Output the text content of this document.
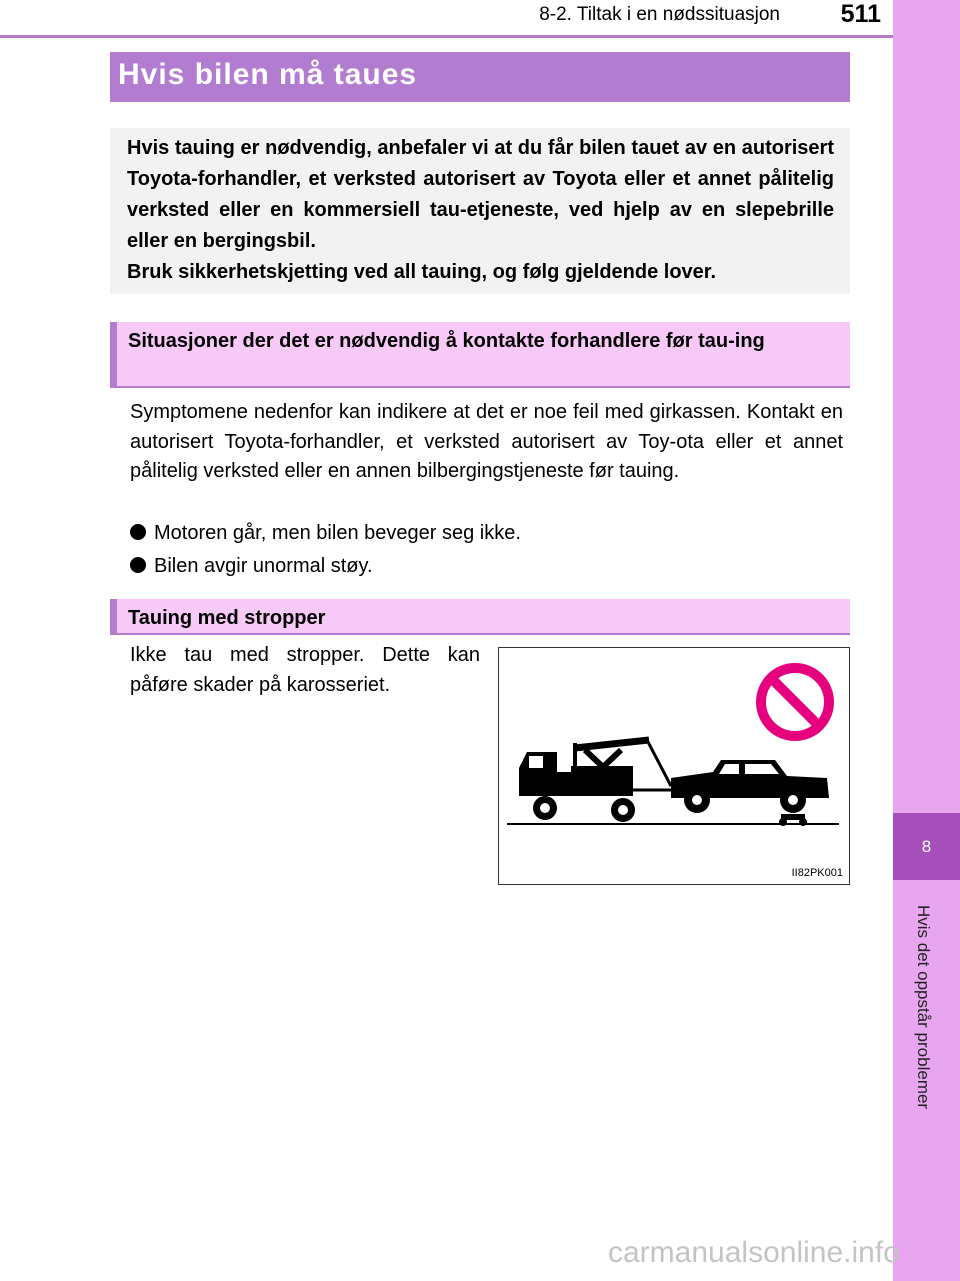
8-2. Tiltak i en nødssituasjon 511
8
Hvis det oppstår problemer
Hvis bilen må taues

Hvis tauing er nødvendig, anbefaler vi at du får bilen tauet av en autorisert Toyota-forhandler, et verksted autorisert av Toyota eller et annet pålitelig verksted eller en kommersiell tau-etjeneste, ved hjelp av en slepebrille eller en bergingsbil.

Bruk sikkerhetskjetting ved all tauing, og følg gjeldende lover.

Situasjoner der det er nødvendig å kontakte forhandlere før tau-ing

Symptomene nedenfor kan indikere at det er noe feil med girkassen. Kontakt en autorisert Toyota-forhandler, et verksted autorisert av Toy-ota eller et annet pålitelig verksted eller en annen bilbergingstjeneste før tauing.

Motoren går, men bilen beveger seg ikke.
Bilen avgir unormal støy.
Tauing med stropper

Ikke tau med stropper. Dette kan påføre skader på karosseriet.

II82PK001
carmanualsonline.info
